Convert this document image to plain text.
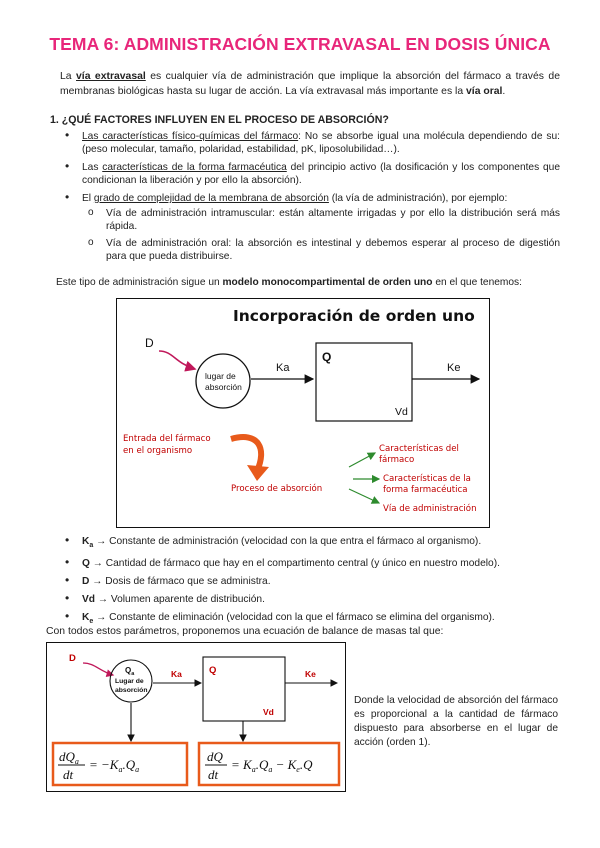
TEMA 6: ADMINISTRACIÓN EXTRAVASAL EN DOSIS ÚNICA
La vía extravasal es cualquier vía de administración que implique la absorción del fármaco a través de membranas biológicas hasta su lugar de acción. La vía extravasal más importante es la vía oral.
1. ¿QUÉ FACTORES INFLUYEN EN EL PROCESO DE ABSORCIÓN?
• Las características físico-químicas del fármaco: No se absorbe igual una molécula dependiendo de su: (peso molecular, tamaño, polaridad, estabilidad, pK, liposolubilidad…).
• Las características de la forma farmacéutica del principio activo (la dosificación y los componentes que condicionan la liberación y por ello la absorción).
• El grado de complejidad de la membrana de absorción (la vía de administración), por ejemplo:
o Vía de administración intramuscular: están altamente irrigadas y por ello la distribución será más rápida.
o Vía de administración oral: la absorción es intestinal y debemos esperar al proceso de digestión para que pueda distribuirse.
Este tipo de administración sigue un modelo monocompartimental de orden uno en el que tenemos:
Incorporación de orden uno
D
lugar de
absorción
Ka
Q
Vd
Ke
Entrada del fármaco
en el organismo
Proceso de absorción
Características del
fármaco
Características de la
forma farmacéutica
Vía de administración
• $K_a$ → Constante de administración (velocidad con la que entra el fármaco al organismo).
• Q → Cantidad de fármaco que hay en el compartimento central (y único en nuestro modelo).
• D → Dosis de fármaco que se administra.
• Vd → Volumen aparente de distribución.
• $K_e$ → Constante de eliminación (velocidad con la que el fármaco se elimina del organismo).
Con todos estos parámetros, proponemos una ecuación de balance de masas tal que:
D
$Q_a$
Lugar de
absorción
Ka	Q
Vd
Ke
$dQ_a$
dt
= $-K_a.Q_a$
dQ
dt
= $K_a.Q_a - K_e.Q$
Donde la velocidad de absorción del fármaco es proporcional a la cantidad de fármaco dispuesto para absorberse en el lugar de acción (orden 1).
